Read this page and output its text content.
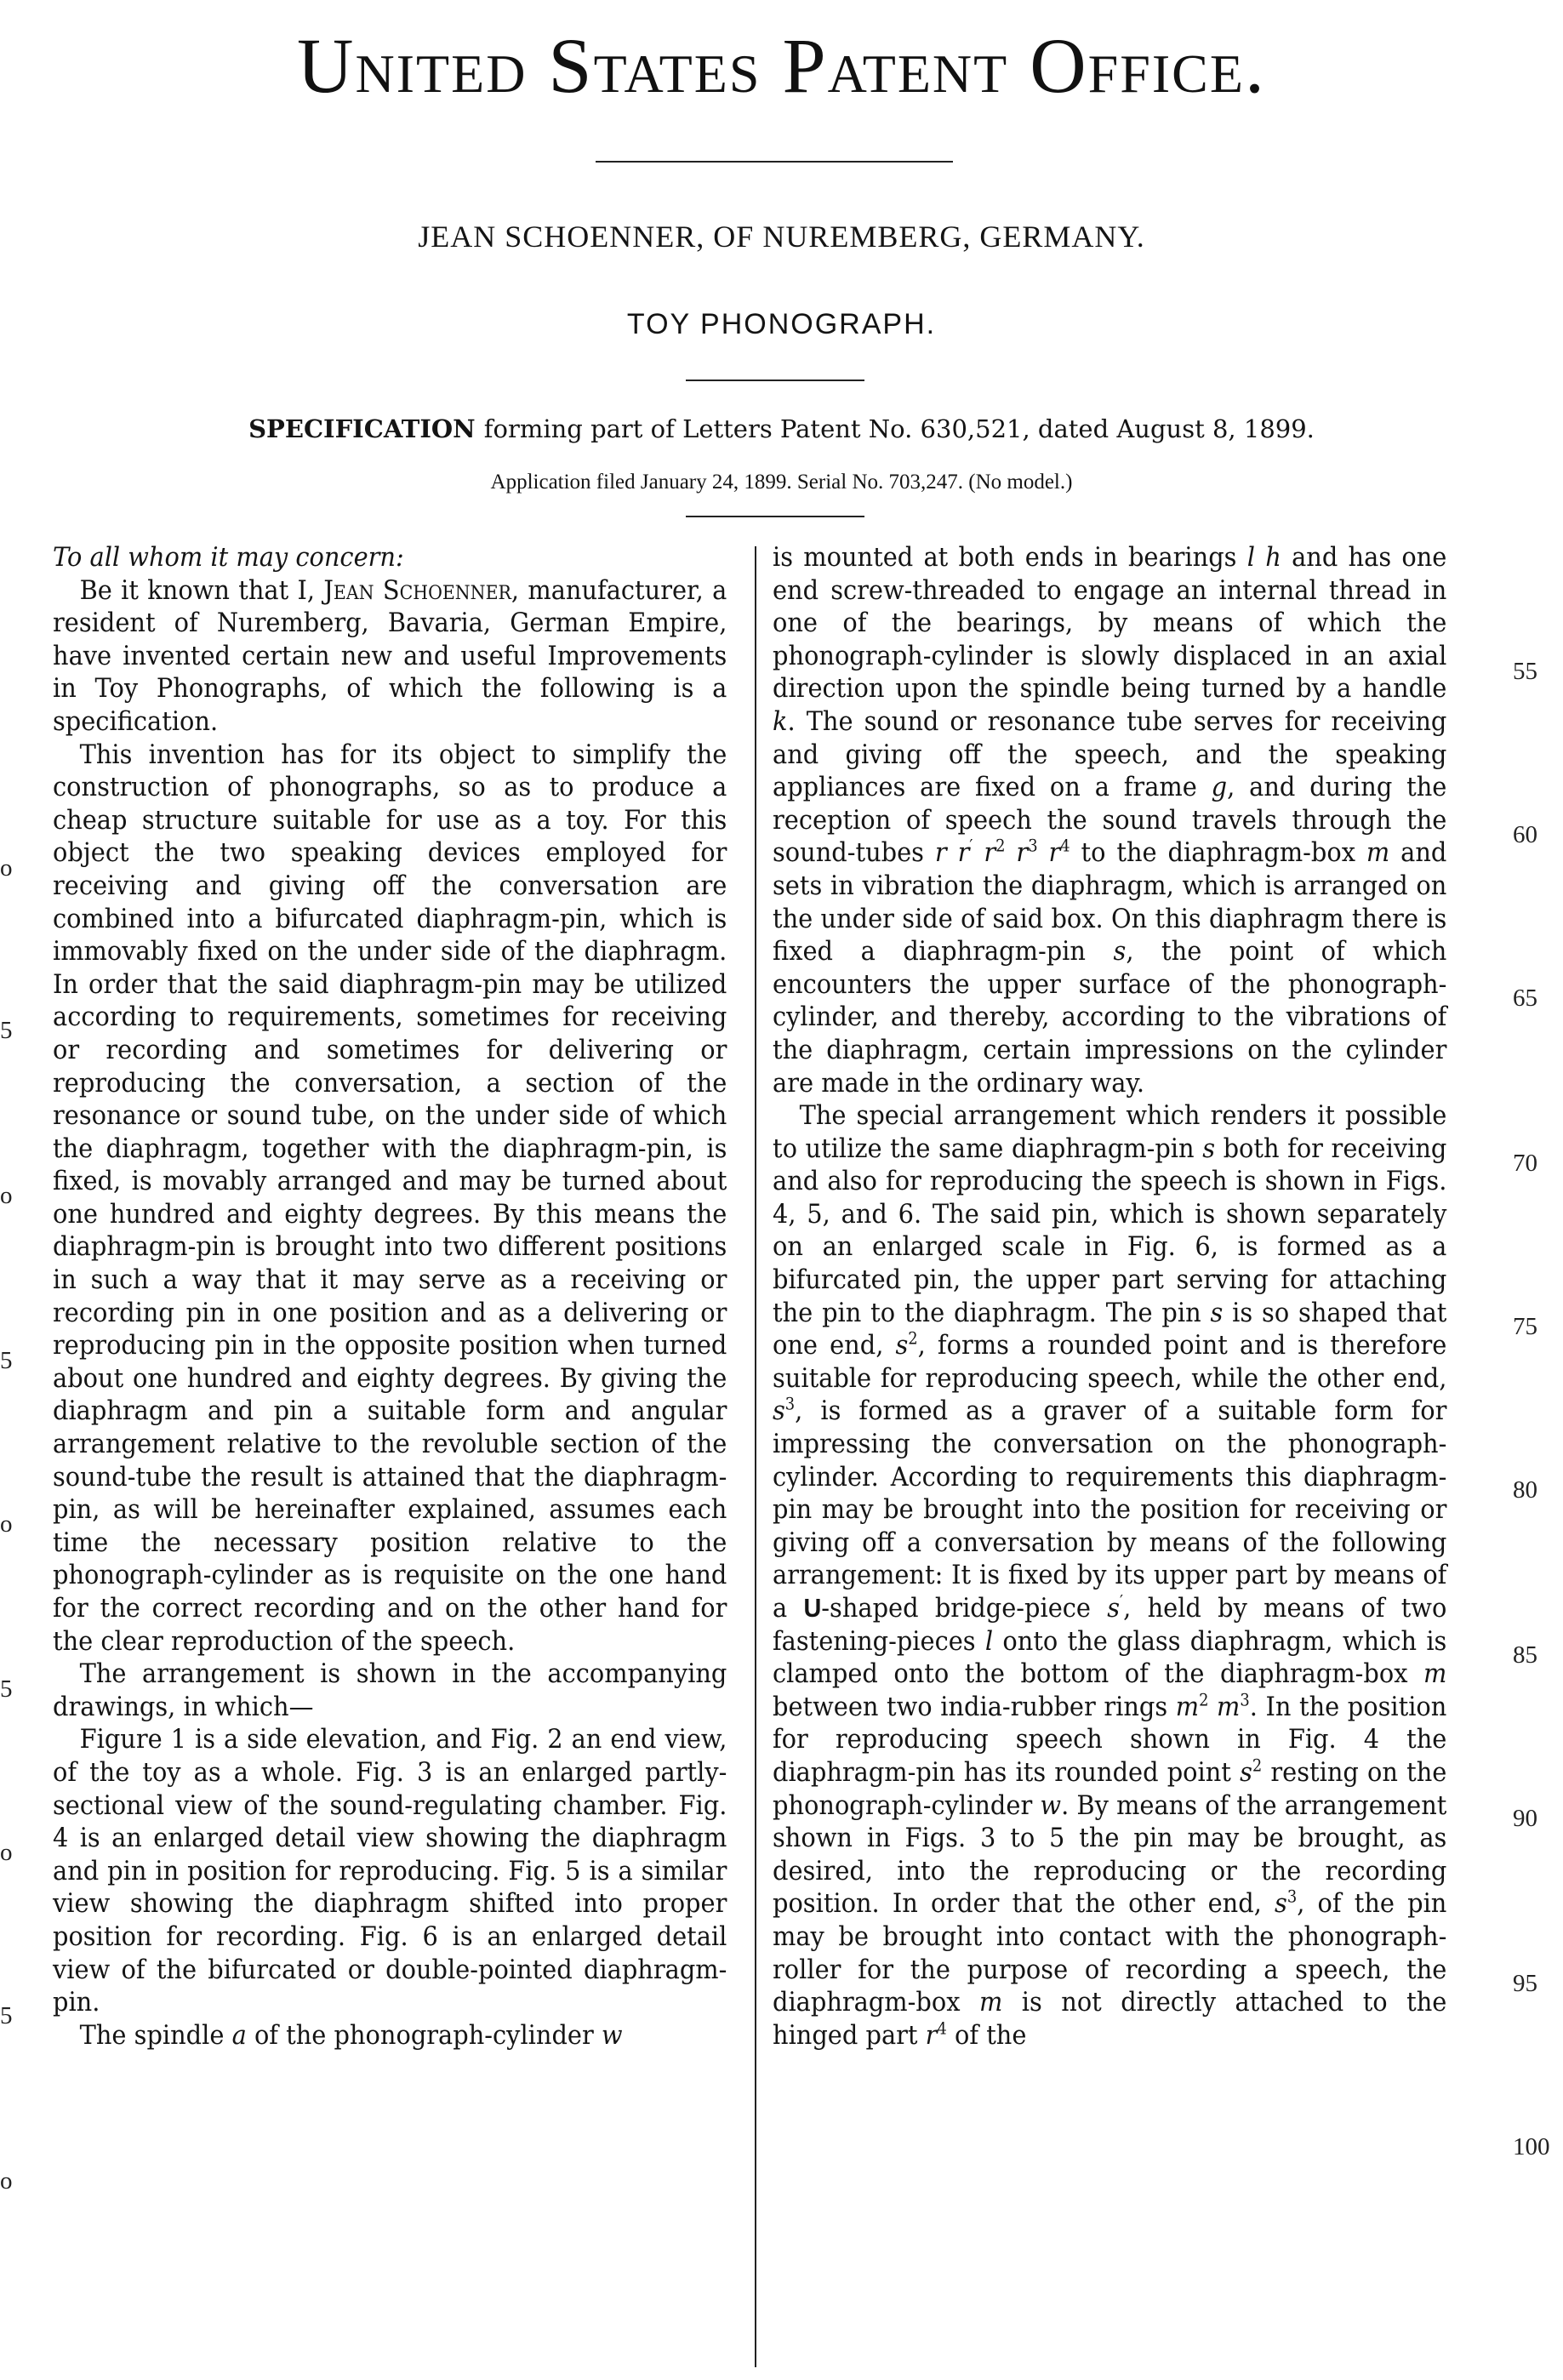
United States Patent Office.
JEAN SCHOENNER, OF NUREMBERG, GERMANY.
TOY PHONOGRAPH.
SPECIFICATION forming part of Letters Patent No. 630,521, dated August 8, 1899.
Application filed January 24, 1899. Serial No. 703,247. (No model.)

To all whom it may concern:

Be it known that I, Jean Schoenner, manufacturer, a resident of Nuremberg, Bavaria, German Empire, have invented certain new and useful Improvements in Toy Phonographs, of which the following is a specification.

This invention has for its object to simplify the construction of phonographs, so as to produce a cheap structure suitable for use as a toy. For this object the two speaking devices employed for receiving and giving off the conversation are combined into a bifurcated diaphragm-pin, which is immovably fixed on the under side of the diaphragm. In order that the said diaphragm-pin may be utilized according to requirements, sometimes for receiving or recording and sometimes for delivering or reproducing the conversation, a section of the resonance or sound tube, on the under side of which the diaphragm, together with the diaphragm-pin, is fixed, is movably arranged and may be turned about one hundred and eighty degrees. By this means the diaphragm-pin is brought into two different positions in such a way that it may serve as a receiving or recording pin in one position and as a delivering or reproducing pin in the opposite position when turned about one hundred and eighty degrees. By giving the diaphragm and pin a suitable form and angular arrangement relative to the revoluble section of the sound-tube the result is attained that the diaphragm-pin, as will be hereinafter explained, assumes each time the necessary position relative to the phonograph-cylinder as is requisite on the one hand for the correct recording and on the other hand for the clear reproduction of the speech.

The arrangement is shown in the accompanying drawings, in which—

Figure 1 is a side elevation, and Fig. 2 an end view, of the toy as a whole. Fig. 3 is an enlarged partly-sectional view of the sound-regulating chamber. Fig. 4 is an enlarged detail view showing the diaphragm and pin in position for reproducing. Fig. 5 is a similar view showing the diaphragm shifted into proper position for recording. Fig. 6 is an enlarged detail view of the bifurcated or double-pointed diaphragm-pin.

The spindle a of the phonograph-cylinder w

is mounted at both ends in bearings l h and has one end screw-threaded to engage an internal thread in one of the bearings, by means of which the phonograph-cylinder is slowly displaced in an axial direction upon the spindle being turned by a handle k. The sound or resonance tube serves for receiving and giving off the speech, and the speaking appliances are fixed on a frame g, and during the reception of speech the sound travels through the sound-tubes r r′ $r^2$ $r^3$ $r^4$ to the diaphragm-box m and sets in vibration the diaphragm, which is arranged on the under side of said box. On this diaphragm there is fixed a diaphragm-pin s, the point of which encounters the upper surface of the phonograph-cylinder, and thereby, according to the vibrations of the diaphragm, certain impressions on the cylinder are made in the ordinary way.

The special arrangement which renders it possible to utilize the same diaphragm-pin s both for receiving and also for reproducing the speech is shown in Figs. 4, 5, and 6. The said pin, which is shown separately on an enlarged scale in Fig. 6, is formed as a bifurcated pin, the upper part serving for attaching the pin to the diaphragm. The pin s is so shaped that one end, $s^2$, forms a rounded point and is therefore suitable for reproducing speech, while the other end, $s^3$, is formed as a graver of a suitable form for impressing the conversation on the phonograph-cylinder. According to requirements this diaphragm-pin may be brought into the position for receiving or giving off a conversation by means of the following arrangement: It is fixed by its upper part by means of a U-shaped bridge-piece s′, held by means of two fastening-pieces l onto the glass diaphragm, which is clamped onto the bottom of the diaphragm-box m between two india-rubber rings $m^2$ $m^3$. In the position for reproducing speech shown in Fig. 4 the diaphragm-pin has its rounded point $s^2$ resting on the phonograph-cylinder w. By means of the arrangement shown in Figs. 3 to 5 the pin may be brought, as desired, into the reproducing or the recording position. In order that the other end, $s^3$, of the pin may be brought into contact with the phonograph-roller for the purpose of recording a speech, the diaphragm-box m is not directly attached to the hinged part $r^4$ of the

55
60
65
70
75
80
85
90
95
100
o
5
o
5
o
5
o
5
o
